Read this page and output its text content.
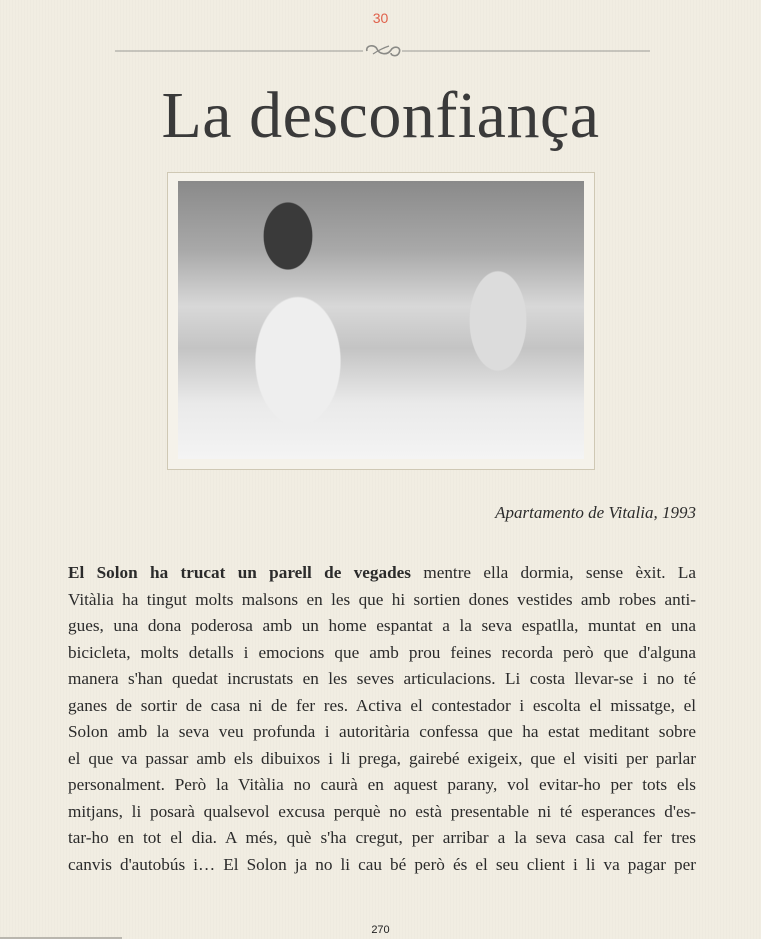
30
La desconfiança
Apartamento de Vitalia, 1993
El Solon ha trucat un parell de vegades mentre ella dormia, sense èxit. La
Vitàlia ha tingut molts malsons en les que hi sortien dones vestides amb robes anti-
gues, una dona poderosa amb un home espantat a la seva espatlla, muntat en una
bicicleta, molts detalls i emocions que amb prou feines recorda però que d'alguna
manera s'han quedat incrustats en les seves articulacions. Li costa llevar-se i no té
ganes de sortir de casa ni de fer res. Activa el contestador i escolta el missatge, el
Solon amb la seva veu profunda i autoritària confessa que ha estat meditant sobre
el que va passar amb els dibuixos i li prega, gairebé exigeix, que el visiti per parlar
personalment. Però la Vitàlia no caurà en aquest parany, vol evitar-ho per tots els
mitjans, li posarà qualsevol excusa perquè no està presentable ni té esperances d'es-
tar-ho en tot el dia. A més, què s'ha cregut, per arribar a la seva casa cal fer tres
canvis d'autobús i… El Solon ja no li cau bé però és el seu client i li va pagar per
270
